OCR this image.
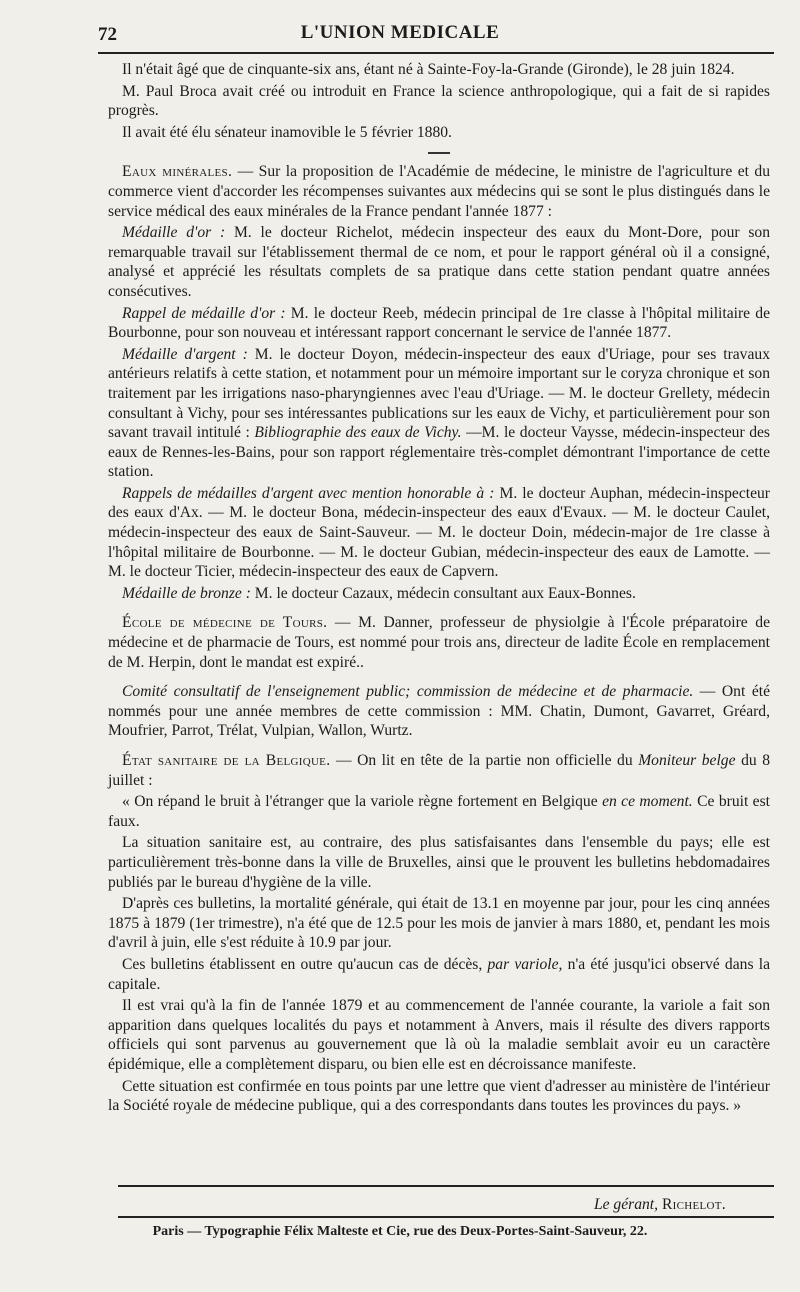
72	L'UNION MEDICALE

Il n'était âgé que de cinquante-six ans, étant né à Sainte-Foy-la-Grande (Gironde), le 28 juin 1824.

M. Paul Broca avait créé ou introduit en France la science anthropologique, qui a fait de si rapides progrès.

Il avait été élu sénateur inamovible le 5 février 1880.

Eaux minérales. — Sur la proposition de l'Académie de médecine, le ministre de l'agriculture et du commerce vient d'accorder les récompenses suivantes aux médecins qui se sont le plus distingués dans le service médical des eaux minérales de la France pendant l'année 1877 :

Médaille d'or : M. le docteur Richelot, médecin inspecteur des eaux du Mont-Dore, pour son remarquable travail sur l'établissement thermal de ce nom, et pour le rapport général où il a consigné, analysé et apprécié les résultats complets de sa pratique dans cette station pendant quatre années consécutives.

Rappel de médaille d'or : M. le docteur Reeb, médecin principal de 1re classe à l'hôpital militaire de Bourbonne, pour son nouveau et intéressant rapport concernant le service de l'année 1877.

Médaille d'argent : M. le docteur Doyon, médecin-inspecteur des eaux d'Uriage, pour ses travaux antérieurs relatifs à cette station, et notamment pour un mémoire important sur le coryza chronique et son traitement par les irrigations naso-pharyngiennes avec l'eau d'Uriage. — M. le docteur Grellety, médecin consultant à Vichy, pour ses intéressantes publications sur les eaux de Vichy, et particulièrement pour son savant travail intitulé : Bibliographie des eaux de Vichy. —M. le docteur Vaysse, médecin-inspecteur des eaux de Rennes-les-Bains, pour son rapport réglementaire très-complet démontrant l'importance de cette station.

Rappels de médailles d'argent avec mention honorable à : M. le docteur Auphan, médecin-inspecteur des eaux d'Ax. — M. le docteur Bona, médecin-inspecteur des eaux d'Evaux. — M. le docteur Caulet, médecin-inspecteur des eaux de Saint-Sauveur. — M. le docteur Doin, médecin-major de 1re classe à l'hôpital militaire de Bourbonne. — M. le docteur Gubian, médecin-inspecteur des eaux de Lamotte. — M. le docteur Ticier, médecin-inspecteur des eaux de Capvern.

Médaille de bronze : M. le docteur Cazaux, médecin consultant aux Eaux-Bonnes.

École de médecine de Tours. — M. Danner, professeur de physiolgie à l'École préparatoire de médecine et de pharmacie de Tours, est nommé pour trois ans, directeur de ladite École en remplacement de M. Herpin, dont le mandat est expiré..

Comité consultatif de l'enseignement public; commission de médecine et de pharmacie. — Ont été nommés pour une année membres de cette commission : MM. Chatin, Dumont, Gavarret, Gréard, Moufrier, Parrot, Trélat, Vulpian, Wallon, Wurtz.

État sanitaire de la Belgique. — On lit en tête de la partie non officielle du Moniteur belge du 8 juillet :

« On répand le bruit à l'étranger que la variole règne fortement en Belgique en ce moment. Ce bruit est faux.

La situation sanitaire est, au contraire, des plus satisfaisantes dans l'ensemble du pays; elle est particulièrement très-bonne dans la ville de Bruxelles, ainsi que le prouvent les bulletins hebdomadaires publiés par le bureau d'hygiène de la ville.

D'après ces bulletins, la mortalité générale, qui était de 13.1 en moyenne par jour, pour les cinq années 1875 à 1879 (1er trimestre), n'a été que de 12.5 pour les mois de janvier à mars 1880, et, pendant les mois d'avril à juin, elle s'est réduite à 10.9 par jour.

Ces bulletins établissent en outre qu'aucun cas de décès, par variole, n'a été jusqu'ici observé dans la capitale.

Il est vrai qu'à la fin de l'année 1879 et au commencement de l'année courante, la variole a fait son apparition dans quelques localités du pays et notamment à Anvers, mais il résulte des divers rapports officiels qui sont parvenus au gouvernement que là où la maladie semblait avoir eu un caractère épidémique, elle a complètement disparu, ou bien elle est en décroissance manifeste.

Cette situation est confirmée en tous points par une lettre que vient d'adresser au ministère de l'intérieur la Société royale de médecine publique, qui a des correspondants dans toutes les provinces du pays. »

Le gérant, Richelot.
Paris — Typographie Félix Malteste et Cie, rue des Deux-Portes-Saint-Sauveur, 22.
